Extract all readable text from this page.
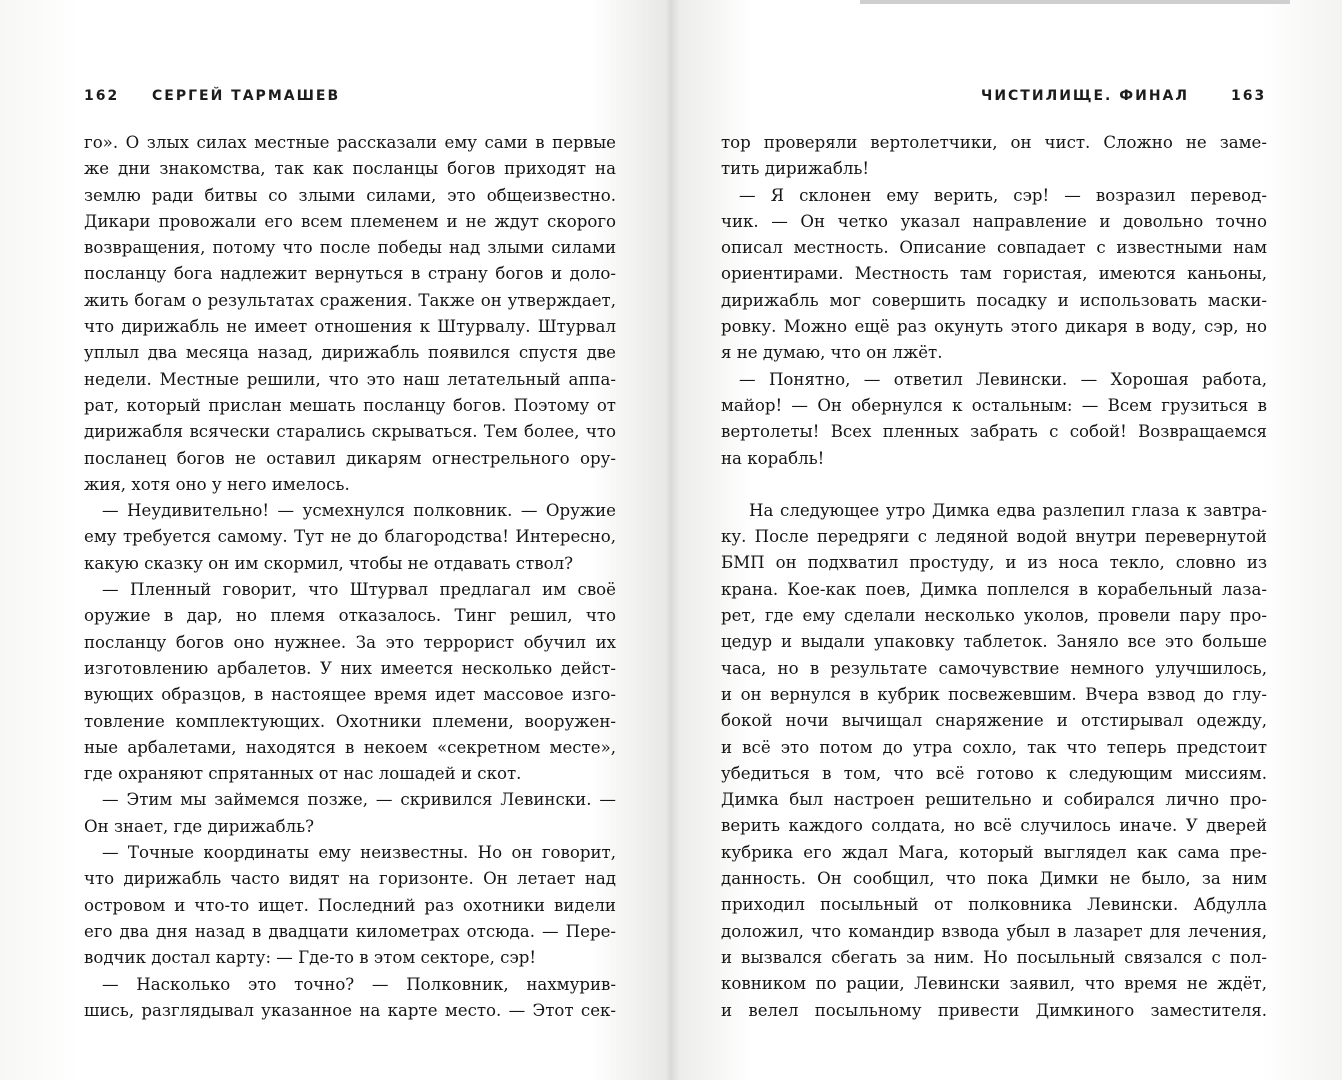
162 СЕРГЕЙ ТАРМАШЕВ

го». О злых силах местные рассказали ему сами в первые

же дни знакомства, так как посланцы богов приходят на

землю ради битвы со злыми силами, это общеизвестно.

Дикари провожали его всем племенем и не ждут скорого

возвращения, потому что после победы над злыми силами

посланцу бога надлежит вернуться в страну богов и доло-

жить богам о результатах сражения. Также он утверждает,

что дирижабль не имеет отношения к Штурвалу. Штурвал

уплыл два месяца назад, дирижабль появился спустя две

недели. Местные решили, что это наш летательный аппа-

рат, который прислан мешать посланцу богов. Поэтому от

дирижабля всячески старались скрываться. Тем более, что

посланец богов не оставил дикарям огнестрельного ору-

жия, хотя оно у него имелось.

— Неудивительно! — усмехнулся полковник. — Оружие

ему требуется самому. Тут не до благородства! Интересно,

какую сказку он им скормил, чтобы не отдавать ствол?

— Пленный говорит, что Штурвал предлагал им своё

оружие в дар, но племя отказалось. Тинг решил, что

посланцу богов оно нужнее. За это террорист обучил их

изготовлению арбалетов. У них имеется несколько дейст-

вующих образцов, в настоящее время идет массовое изго-

товление комплектующих. Охотники племени, вооружен-

ные арбалетами, находятся в некоем «секретном месте»,

где охраняют спрятанных от нас лошадей и скот.

— Этим мы займемся позже, — скривился Левински. —

Он знает, где дирижабль?

— Точные координаты ему неизвестны. Но он говорит,

что дирижабль часто видят на горизонте. Он летает над

островом и что-то ищет. Последний раз охотники видели

его два дня назад в двадцати километрах отсюда. — Пере-

водчик достал карту: — Где-то в этом секторе, сэр!

— Насколько это точно? — Полковник, нахмурив-

шись, разглядывал указанное на карте место. — Этот сек-

ЧИСТИЛИЩЕ. ФИНАЛ	163

тор проверяли вертолетчики, он чист. Сложно не заме-

тить дирижабль!

— Я склонен ему верить, сэр! — возразил перевод-

чик. — Он четко указал направление и довольно точно

описал местность. Описание совпадает с известными нам

ориентирами. Местность там гористая, имеются каньоны,

дирижабль мог совершить посадку и использовать маски-

ровку. Можно ещё раз окунуть этого дикаря в воду, сэр, но

я не думаю, что он лжёт.

— Понятно, — ответил Левински. — Хорошая работа,

майор! — Он обернулся к остальным: — Всем грузиться в

вертолеты! Всех пленных забрать с собой! Возвращаемся

на корабль!

На следующее утро Димка едва разлепил глаза к завтра-

ку. После передряги с ледяной водой внутри перевернутой

БМП он подхватил простуду, и из носа текло, словно из

крана. Кое-как поев, Димка поплелся в корабельный лаза-

рет, где ему сделали несколько уколов, провели пару про-

цедур и выдали упаковку таблеток. Заняло все это больше

часа, но в результате самочувствие немного улучшилось,

и он вернулся в кубрик посвежевшим. Вчера взвод до глу-

бокой ночи вычищал снаряжение и отстирывал одежду,

и всё это потом до утра сохло, так что теперь предстоит

убедиться в том, что всё готово к следующим миссиям.

Димка был настроен решительно и собирался лично про-

верить каждого солдата, но всё случилось иначе. У дверей

кубрика его ждал Мага, который выглядел как сама пре-

данность. Он сообщил, что пока Димки не было, за ним

приходил посыльный от полковника Левински. Абдулла

доложил, что командир взвода убыл в лазарет для лечения,

и вызвался сбегать за ним. Но посыльный связался с пол-

ковником по рации, Левински заявил, что время не ждёт,

и велел посыльному привести Димкиного заместителя.
